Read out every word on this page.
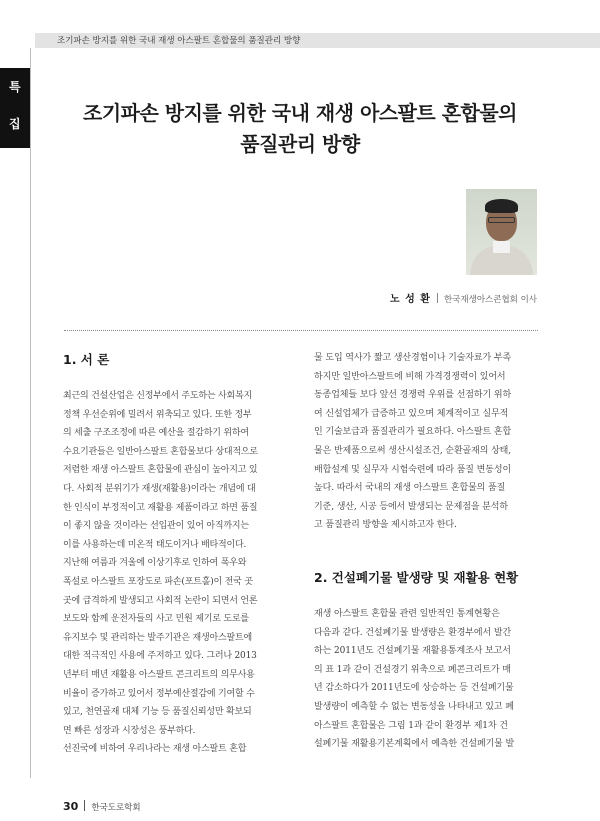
조기파손 방지를 위한 국내 재생 아스팔트 혼합물의 품질관리 방향
특
집	조기파손 방지를 위한 국내 재생 아스팔트 혼합물의
품질관리 방향
노 성 환 한국재생아스콘협회 이사
1. 서 론
최근의 건설산업은 신정부에서 주도하는 사회복지
정책 우선순위에 밀려서 위축되고 있다. 또한 정부
의 세출 구조조정에 따른 예산을 절감하기 위하여
수요기관들은 일반아스팔트 혼합물보다 상대적으로
저렴한 재생 아스팔트 혼합물에 관심이 높아지고 있
다. 사회적 분위기가 재생(재활용)이라는 개념에 대
한 인식이 부정적이고 재활용 제품이라고 하면 품질
이 좋지 않을 것이라는 선입관이 있어 아직까지는
이를 사용하는데 미온적 태도이거나 배타적이다.
지난해 여름과 겨울에 이상기후로 인하여 폭우와
폭설로 아스팔트 포장도로 파손(포트홀)이 전국 곳
곳에 급격하게 발생되고 사회적 논란이 되면서 언론
보도와 함께 운전자들의 사고 민원 제기로 도로를
유지보수 및 관리하는 발주기관은 재생아스팔트에
대한 적극적인 사용에 주저하고 있다. 그러나 2013
년부터 매년 재활용 아스팔트 콘크리트의 의무사용
비율이 증가하고 있어서 정부예산절감에 기여할 수
있고, 천연골재 대체 기능 등 품질신뢰성만 확보되
면 빠른 성장과 시장성은 풍부하다.
선진국에 비하여 우리나라는 재생 아스팔트 혼합
물 도입 역사가 짧고 생산경험이나 기술자료가 부족
하지만 일반아스팔트에 비해 가격경쟁력이 있어서
동종업체들 보다 앞선 경쟁력 우위를 선점하기 위하
여 신설업체가 급증하고 있으며 체계적이고 실무적
인 기술보급과 품질관리가 필요하다. 아스팔트 혼합
물은 반제품으로써 생산시설조건, 순환골재의 상태,
배합설계 및 실무자 시험숙련에 따라 품질 변동성이
높다. 따라서 국내의 재생 아스팔트 혼합물의 품질
기준, 생산, 시공 등에서 발생되는 문제점을 분석하
고 품질관리 방향을 제시하고자 한다.
2. 건설폐기물 발생량 및 재활용 현황
재생 아스팔트 혼합물 관련 일반적인 통계현황은
다음과 같다. 건설폐기물 발생량은 환경부에서 발간
하는 2011년도 건설폐기물 재활용통계조사 보고서
의 표 1과 같이 건설경기 위축으로 폐콘크리트가 매
년 감소하다가 2011년도에 상승하는 등 건설폐기물
발생량이 예측할 수 없는 변동성을 나타내고 있고 폐
아스팔트 혼합물은 그림 1과 같이 환경부 제1차 건
설폐기물 재활용기본계획에서 예측한 건설폐기물 발
30 한국도로학회
